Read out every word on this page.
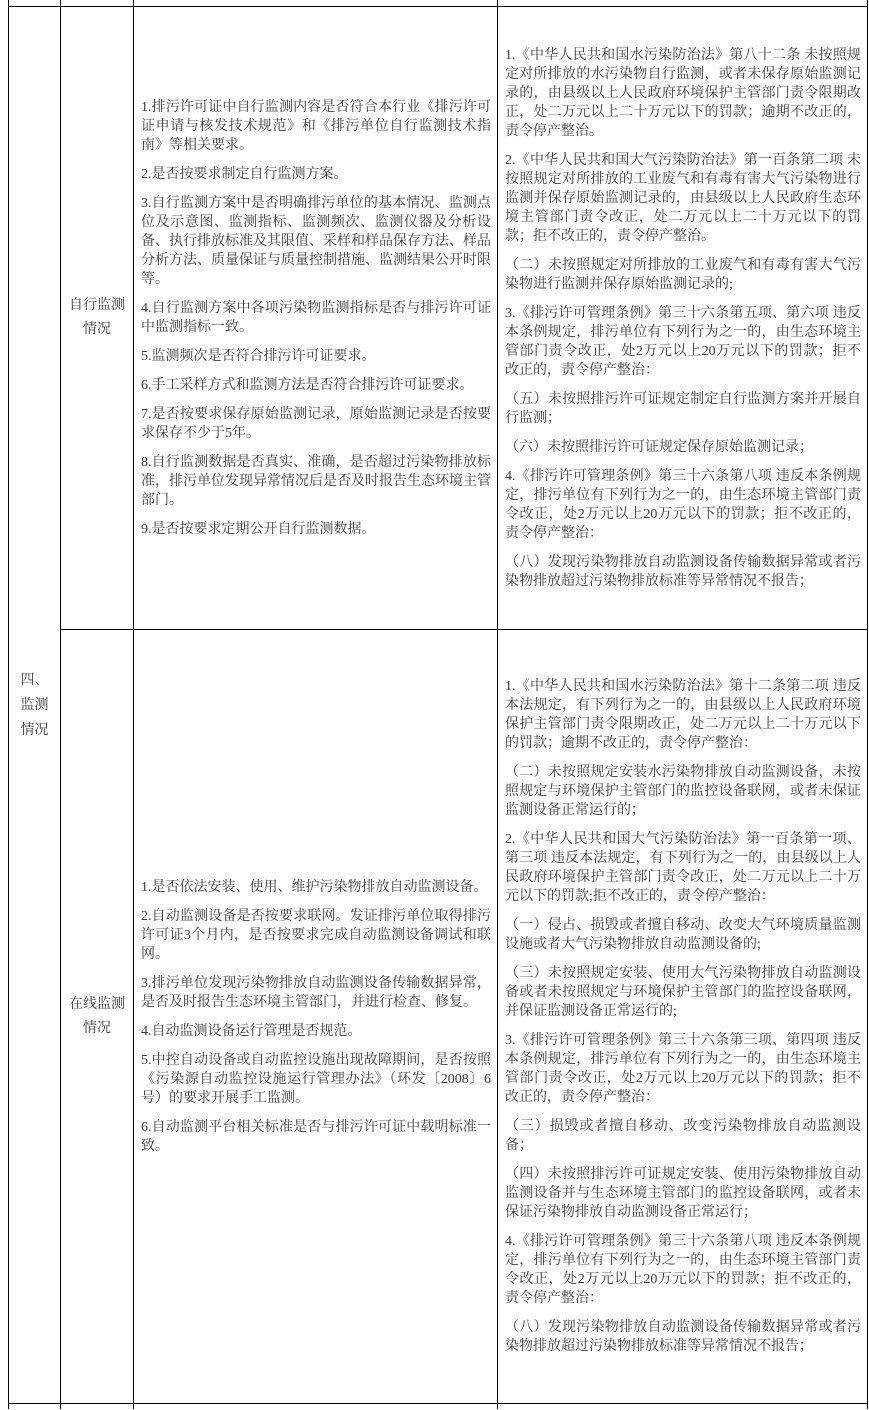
四、
监测
情况
自行监测
情况

1.排污许可证中自行监测内容是否符合本行业《排污许可证申请与核发技术规范》和《排污单位自行监测技术指南》等相关要求。

2.是否按要求制定自行监测方案。

3.自行监测方案中是否明确排污单位的基本情况、监测点位及示意图、监测指标、监测频次、监测仪器及分析设备、执行排放标准及其限值、采样和样品保存方法、样品分析方法、质量保证与质量控制措施、监测结果公开时限等。

4.自行监测方案中各项污染物监测指标是否与排污许可证中监测指标一致。

5.监测频次是否符合排污许可证要求。

6.手工采样方式和监测方法是否符合排污许可证要求。

7.是否按要求保存原始监测记录，原始监测记录是否按要求保存不少于5年。

8.自行监测数据是否真实、准确，是否超过污染物排放标准，排污单位发现异常情况后是否及时报告生态环境主管部门。

9.是否按要求定期公开自行监测数据。

1.《中华人民共和国水污染防治法》第八十二条 未按照规定对所排放的水污染物自行监测，或者未保存原始监测记录的，由县级以上人民政府环境保护主管部门责令限期改正，处二万元以上二十万元以下的罚款；逾期不改正的，责令停产整治。

2.《中华人民共和国大气污染防治法》第一百条第二项 未按照规定对所排放的工业废气和有毒有害大气污染物进行监测并保存原始监测记录的，由县级以上人民政府生态环境主管部门责令改正，处二万元以上二十万元以下的罚款；拒不改正的，责令停产整治。

（二）未按照规定对所排放的工业废气和有毒有害大气污染物进行监测并保存原始监测记录的;

3.《排污许可管理条例》第三十六条第五项、第六项 违反本条例规定，排污单位有下列行为之一的，由生态环境主管部门责令改正，处2万元以上20万元以下的罚款；拒不改正的，责令停产整治：

（五）未按照排污许可证规定制定自行监测方案并开展自行监测；

（六）未按照排污许可证规定保存原始监测记录；

4.《排污许可管理条例》第三十六条第八项 违反本条例规定，排污单位有下列行为之一的，由生态环境主管部门责令改正，处2万元以上20万元以下的罚款；拒不改正的，责令停产整治：

（八）发现污染物排放自动监测设备传输数据异常或者污染物排放超过污染物排放标准等异常情况不报告；

在线监测
情况

1.是否依法安装、使用、维护污染物排放自动监测设备。

2.自动监测设备是否按要求联网。发证排污单位取得排污许可证3个月内，是否按要求完成自动监测设备调试和联网。

3.排污单位发现污染物排放自动监测设备传输数据异常，是否及时报告生态环境主管部门，并进行检查、修复。

4.自动监测设备运行管理是否规范。

5.中控自动设备或自动监控设施出现故障期间，是否按照《污染源自动监控设施运行管理办法》（环发〔2008〕6号）的要求开展手工监测。

6.自动监测平台相关标准是否与排污许可证中载明标准一致。

1.《中华人民共和国水污染防治法》第十二条第二项 违反本法规定，有下列行为之一的，由县级以上人民政府环境保护主管部门责令限期改正，处二万元以上二十万元以下的罚款；逾期不改正的，责令停产整治：

（二）未按照规定安装水污染物排放自动监测设备，未按照规定与环境保护主管部门的监控设备联网，或者未保证监测设备正常运行的；

2.《中华人民共和国大气污染防治法》第一百条第一项、第三项 违反本法规定，有下列行为之一的，由县级以上人民政府环境保护主管部门责令改正，处二万元以上二十万元以下的罚款;拒不改正的，责令停产整治：

（一）侵占、损毁或者擅自移动、改变大气环境质量监测设施或者大气污染物排放自动监测设备的;

（三）未按照规定安装、使用大气污染物排放自动监测设备或者未按照规定与环境保护主管部门的监控设备联网，并保证监测设备正常运行的;

3.《排污许可管理条例》第三十六条第三项、第四项 违反本条例规定，排污单位有下列行为之一的，由生态环境主管部门责令改正，处2万元以上20万元以下的罚款；拒不改正的，责令停产整治：

（三）损毁或者擅自移动、改变污染物排放自动监测设备；

（四）未按照排污许可证规定安装、使用污染物排放自动监测设备并与生态环境主管部门的监控设备联网，或者未保证污染物排放自动监测设备正常运行；

4.《排污许可管理条例》第三十六条第八项 违反本条例规定，排污单位有下列行为之一的，由生态环境主管部门责令改正，处2万元以上20万元以下的罚款；拒不改正的，责令停产整治：

（八）发现污染物排放自动监测设备传输数据异常或者污染物排放超过污染物排放标准等异常情况不报告；
